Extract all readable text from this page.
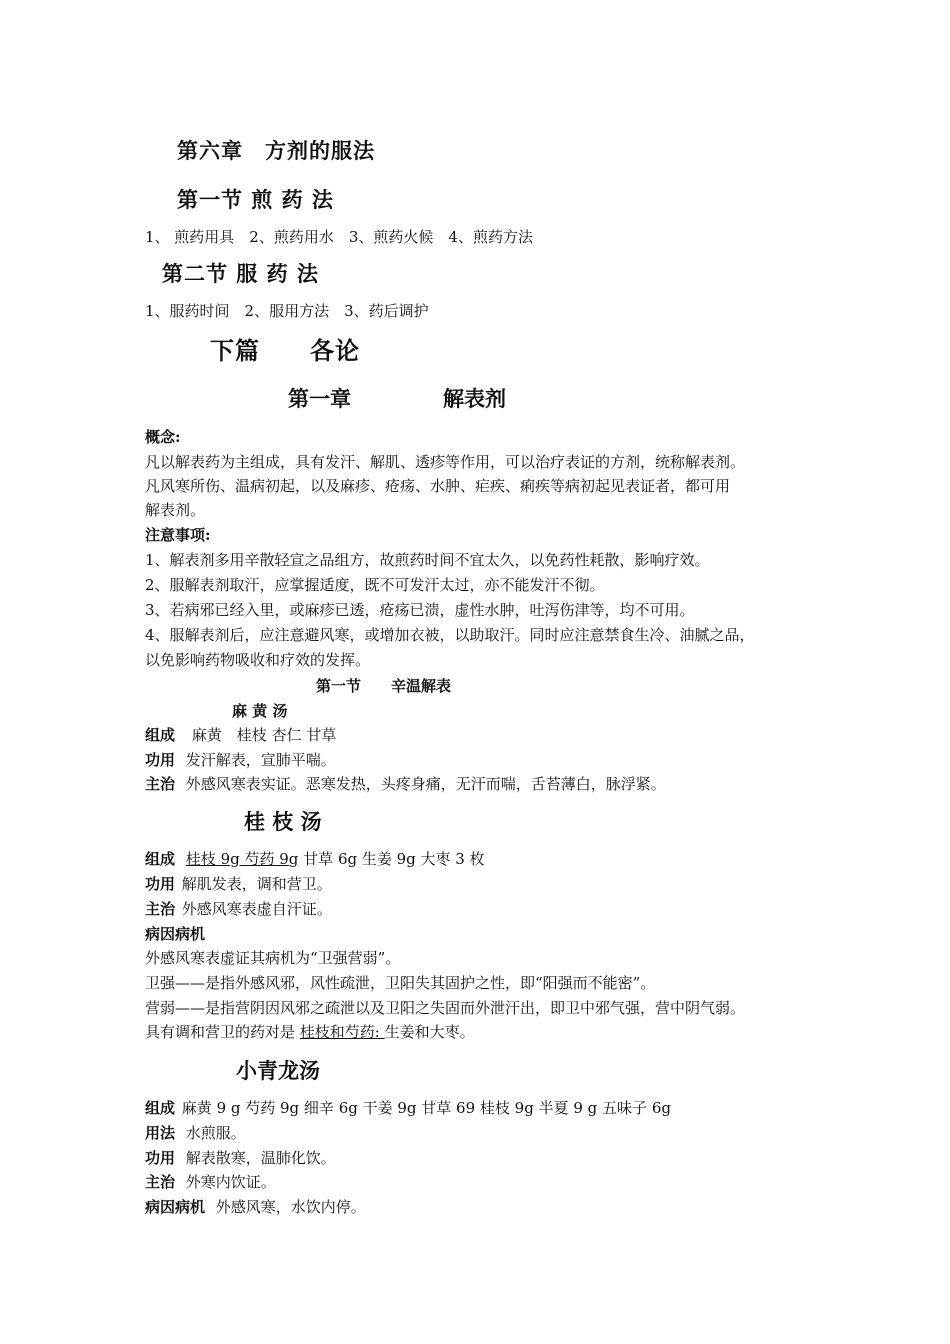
第六章　方剂的服法
第一节 煎 药 法
1、 煎药用具　2、煎药用水　3、煎药火候　4、煎药方法
第二节 服 药 法
1、服药时间　2、服用方法　3、药后调护
下篇　　各论
第一章	解表剂
概念:
凡以解表药为主组成，具有发汗、解肌、透疹等作用，可以治疗表证的方剂，统称解表剂。
凡风寒所伤、温病初起，以及麻疹、疮疡、水肿、疟疾、痢疾等病初起见表证者，都可用
解表剂。
注意事项:
1、解表剂多用辛散轻宣之品组方，故煎药时间不宜太久，以免药性耗散，影响疗效。
2、服解表剂取汗，应掌握适度，既不可发汗太过，亦不能发汗不彻。
3、若病邪已经入里，或麻疹已透，疮疡已溃，虚性水肿，吐泻伤津等，均不可用。
4、服解表剂后，应注意避风寒，或增加衣被，以助取汗。同时应注意禁食生冷、油腻之品，
以免影响药物吸收和疗效的发挥。
第一节　　辛温解表
麻 黄 汤
组成 麻黄　桂枝 杏仁 甘草
功用 发汗解表，宣肺平喘。
主治 外感风寒表实证。恶寒发热，头疼身痛，无汗而喘，舌苔薄白，脉浮紧。
桂 枝 汤
组成 桂枝 9g 芍药 9g 甘草 6g 生姜 9g 大枣 3 枚
功用 解肌发表，调和营卫。
主治 外感风寒表虚自汗证。
病因病机
外感风寒表虚证其病机为“卫强营弱”。
卫强——是指外感风邪，风性疏泄，卫阳失其固护之性，即“阳强而不能密”。
营弱——是指营阴因风邪之疏泄以及卫阳之失固而外泄汗出，即卫中邪气强，营中阴气弱。
具有调和营卫的药对是 桂枝和芍药: 生姜和大枣。
小青龙汤
组成 麻黄 9 g 芍药 9g 细辛 6g 干姜 9g 甘草 69 桂枝 9g 半夏 9 g 五味子 6g
用法 水煎服。
功用 解表散寒，温肺化饮。
主治 外寒内饮证。
病因病机 外感风寒，水饮内停。
